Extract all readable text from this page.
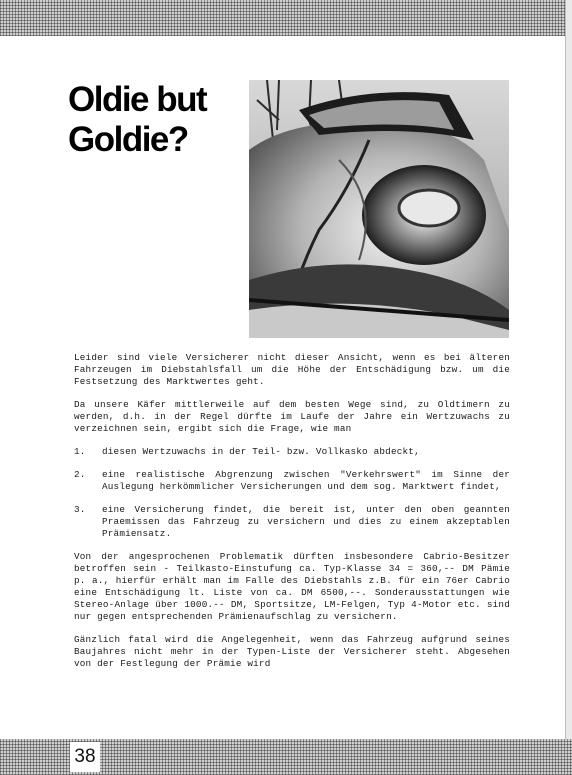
Oldie but
Goldie?

Leider sind viele Versicherer nicht dieser Ansicht, wenn es bei älteren Fahrzeugen im Diebstahlsfall um die Höhe der Entschädigung bzw. um die Festsetzung des Marktwertes geht.

Da unsere Käfer mittlerweile auf dem besten Wege sind, zu Oldtimern zu werden, d.h. in der Regel dürfte im Laufe der Jahre ein Wertzuwachs zu verzeichnen sein, ergibt sich die Frage, wie man

1. diesen Wertzuwachs in der Teil- bzw. Vollkasko abdeckt,
2. eine realistische Abgrenzung zwischen "Verkehrswert" im Sinne der Auslegung herkömmlicher Versicherungen und dem sog. Marktwert findet,
3. eine Versicherung findet, die bereit ist, unter den oben geannten Praemissen das Fahrzeug zu versichern und dies zu einem akzeptablen Prämiensatz.

Von der angesprochenen Problematik dürften insbesondere Cabrio-Besitzer betroffen sein - Teilkasto-Einstufung ca. Typ-Klasse 34 = 360,-- DM Pämie p. a., hierfür erhält man im Falle des Diebstahls z.B. für ein 76er Cabrio eine Entschädigung lt. Liste von ca. DM 6500,--. Sonderausstattungen wie Stereo-Anlage über 1000.-- DM, Sportsitze, LM-Felgen, Typ 4-Motor etc. sind nur gegen entsprechenden Prämienaufschlag zu versichern.

Gänzlich fatal wird die Angelegenheit, wenn das Fahrzeug aufgrund seines Baujahres nicht mehr in der Typen-Liste der Versicherer steht. Abgesehen von der Festlegung der Prämie wird

38
